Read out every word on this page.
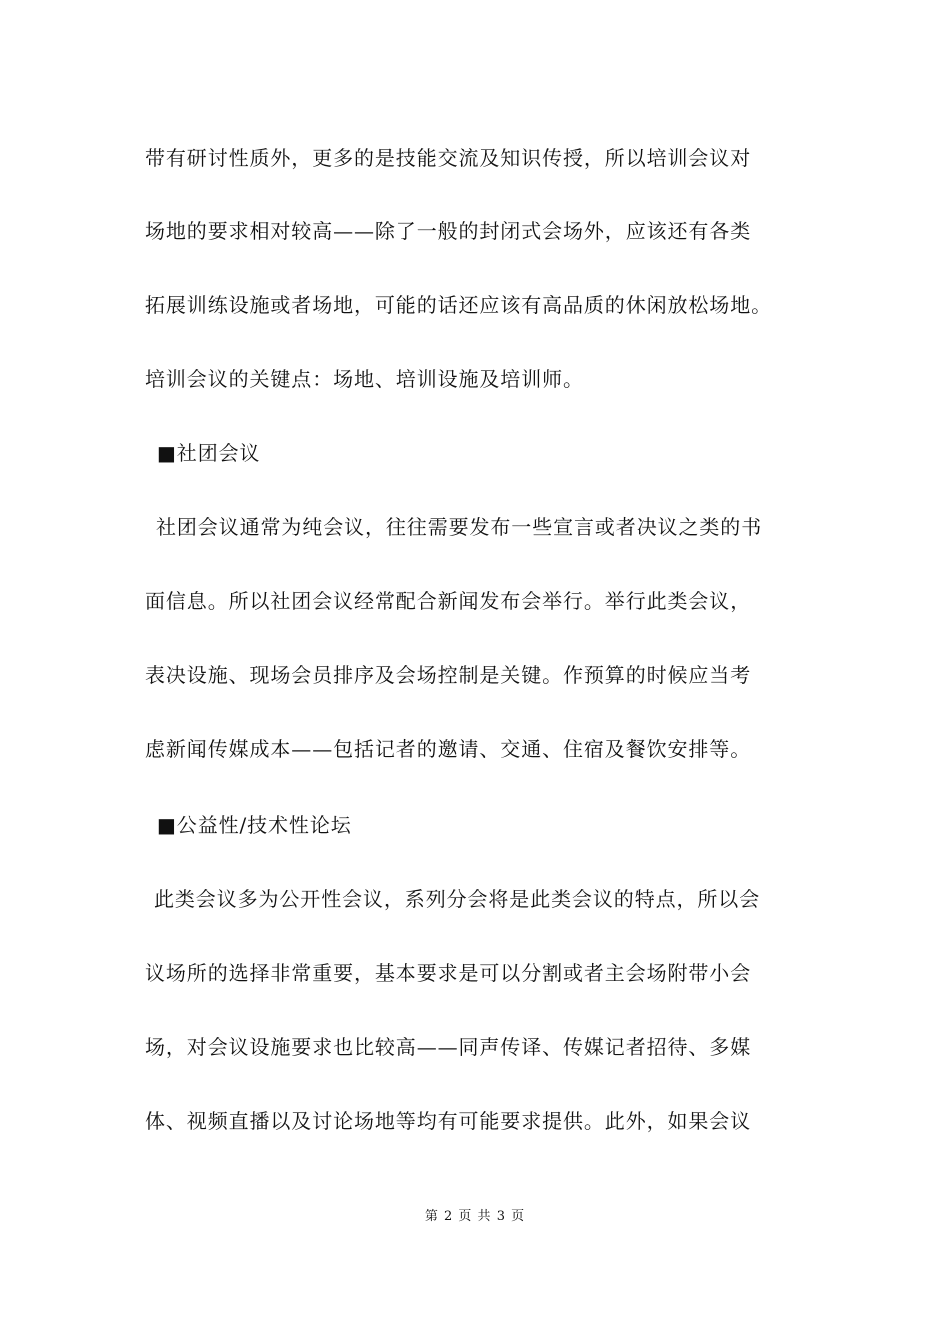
带有研讨性质外，更多的是技能交流及知识传授，所以培训会议对
场地的要求相对较高——除了一般的封闭式会场外，应该还有各类
拓展训练设施或者场地，可能的话还应该有高品质的休闲放松场地。
培训会议的关键点：场地、培训设施及培训师。
■社团会议
社团会议通常为纯会议，往往需要发布一些宣言或者决议之类的书
面信息。所以社团会议经常配合新闻发布会举行。举行此类会议，
表决设施、现场会员排序及会场控制是关键。作预算的时候应当考
虑新闻传媒成本——包括记者的邀请、交通、住宿及餐饮安排等。
■公益性/技术性论坛
此类会议多为公开性会议，系列分会将是此类会议的特点，所以会
议场所的选择非常重要，基本要求是可以分割或者主会场附带小会
场，对会议设施要求也比较高——同声传译、传媒记者招待、多媒
体、视频直播以及讨论场地等均有可能要求提供。此外，如果会议
第 2 页 共 3 页
